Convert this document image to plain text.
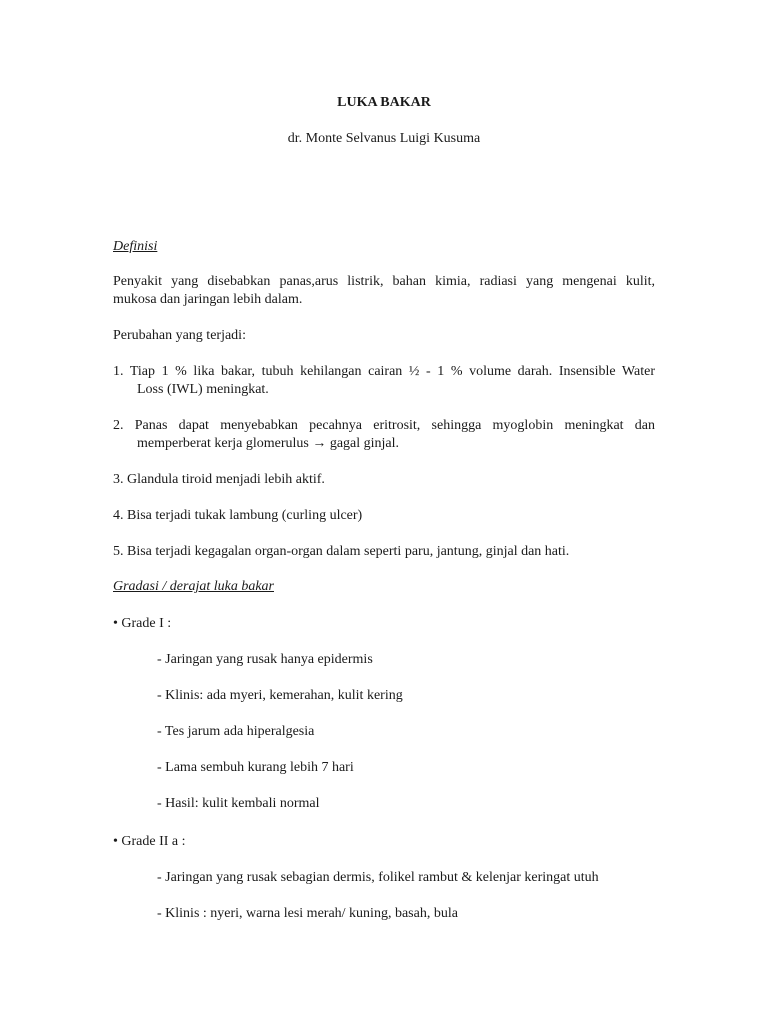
LUKA BAKAR
dr. Monte Selvanus Luigi Kusuma
Definisi
Penyakit yang disebabkan panas,arus listrik, bahan kimia, radiasi yang mengenai kulit,
mukosa dan jaringan lebih dalam.
Perubahan yang terjadi:
1. Tiap 1 % lika bakar, tubuh kehilangan cairan ½ - 1 % volume darah. Insensible Water
Loss (IWL) meningkat.
2. Panas dapat menyebabkan pecahnya eritrosit, sehingga myoglobin meningkat dan
memperberat kerja glomerulus → gagal ginjal.
3. Glandula tiroid menjadi lebih aktif.
4. Bisa terjadi tukak lambung (curling ulcer)
5. Bisa terjadi kegagalan organ-organ dalam seperti paru, jantung, ginjal dan hati.
Gradasi / derajat luka bakar
• Grade I :
- Jaringan yang rusak hanya epidermis
- Klinis: ada myeri, kemerahan, kulit kering
- Tes jarum ada hiperalgesia
- Lama sembuh kurang lebih 7 hari
- Hasil: kulit kembali normal
• Grade II a :
- Jaringan yang rusak sebagian dermis, folikel rambut & kelenjar keringat utuh
- Klinis : nyeri, warna lesi merah/ kuning, basah, bula
